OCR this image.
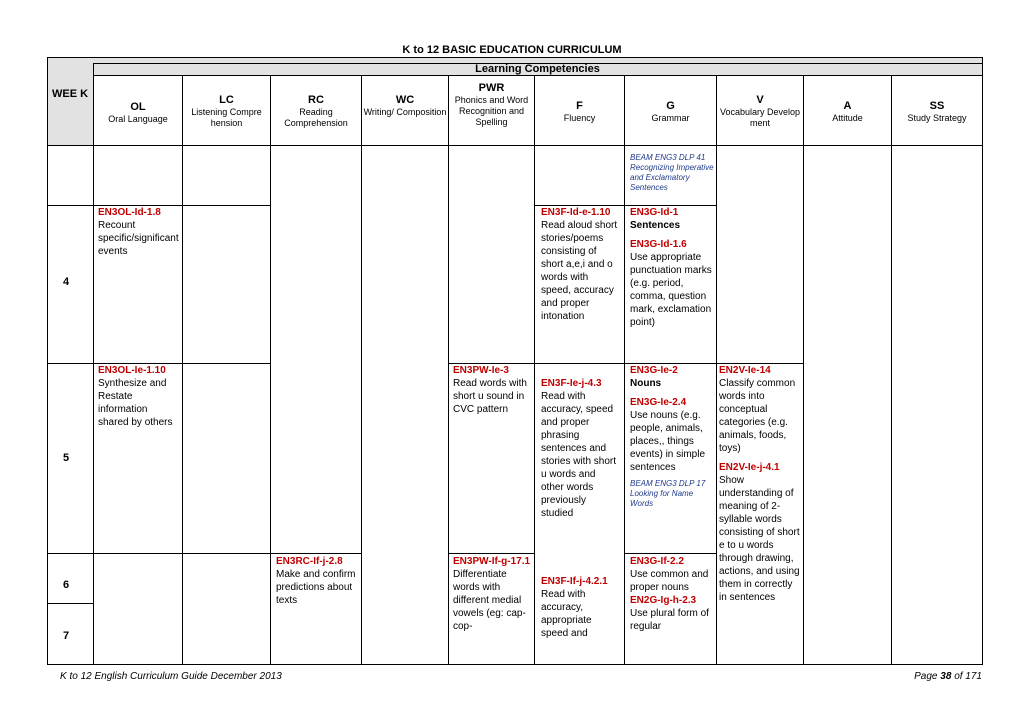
K to 12 BASIC EDUCATION CURRICULUM
Learning Competencies
WEE K
OL
Oral Language
LC
Listening Compre hension
RC
Reading Comprehension
WC
Writing/ Composition
PWR
Phonics and Word Recognition and Spelling
F
Fluency
G
Grammar
V
Vocabulary Develop ment
A
Attitude
SS
Study Strategy
4
5
6
7
BEAM ENG3 DLP 41 Recognizing Imperative and Exclamatory Sentences
EN3OL-Id-1.8 Recount specific/significant events
EN3F-Id-e-1.10
Read aloud short stories/poems consisting of short a,e,i and o words with speed, accuracy and proper intonation
EN3G-Id-1
Sentences
EN3G-Id-1.6
Use appropriate punctuation marks (e.g. period, comma, question mark, exclamation point)
EN3OL-Ie-1.10
Synthesize and Restate information shared by others
EN3PW-Ie-3
Read words with short u sound in CVC pattern
EN3F-Ie-j-4.3
Read with accuracy, speed and proper phrasing sentences and stories with short u words and other words previously studied
EN3G-Ie-2
Nouns
EN3G-Ie-2.4
Use nouns (e.g. people, animals, places,, things events) in simple sentences
BEAM ENG3 DLP 17 Looking for Name Words
EN2V-Ie-14
Classify common words into conceptual categories (e.g. animals, foods, toys)
EN2V-Ie-j-4.1
Show understanding of meaning of 2-syllable words consisting of short e to u words through drawing, actions, and using them in correctly in sentences
EN3RC-If-j-2.8
Make and confirm predictions about texts
EN3PW-If-g-17.1
Differentiate words with different medial vowels (eg: cap- cop-
EN3F-If-j-4.2.1
Read with accuracy, appropriate speed and
EN3G-If-2.2
Use common and proper nouns
EN2G-Ig-h-2.3
Use plural form of regular
K to 12 English Curriculum Guide December 2013	Page 38 of 171
